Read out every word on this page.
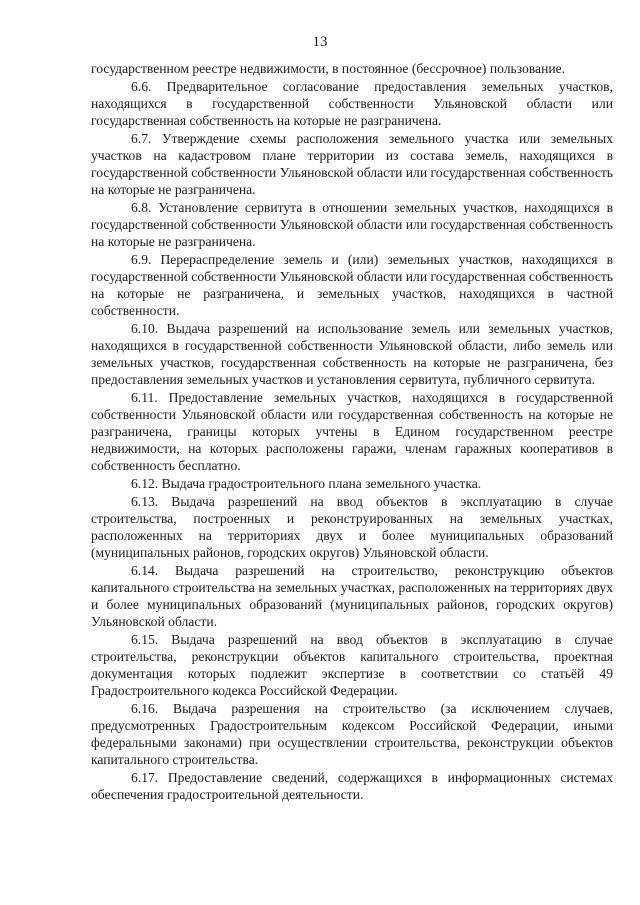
13

государственном реестре недвижимости, в постоянное (бессрочное) пользование.

6.6. Предварительное согласование предоставления земельных участков, находящихся в государственной собственности Ульяновской области или государственная собственность на которые не разграничена.

6.7. Утверждение схемы расположения земельного участка или земельных участков на кадастровом плане территории из состава земель, находящихся в государственной собственности Ульяновской области или государственная собственность на которые не разграничена.

6.8. Установление сервитута в отношении земельных участков, находящихся в государственной собственности Ульяновской области или государственная собственность на которые не разграничена.

6.9. Перераспределение земель и (или) земельных участков, находящихся в государственной собственности Ульяновской области или государственная собственность на которые не разграничена, и земельных участков, находящихся в частной собственности.

6.10. Выдача разрешений на использование земель или земельных участков, находящихся в государственной собственности Ульяновской области, либо земель или земельных участков, государственная собственность на которые не разграничена, без предоставления земельных участков и установления сервитута, публичного сервитута.

6.11. Предоставление земельных участков, находящихся в государственной собственности Ульяновской области или государственная собственность на которые не разграничена, границы которых учтены в Едином государственном реестре недвижимости, на которых расположены гаражи, членам гаражных кооперативов в собственность бесплатно.

6.12. Выдача градостроительного плана земельного участка.

6.13. Выдача разрешений на ввод объектов в эксплуатацию в случае строительства, построенных и реконструированных на земельных участках, расположенных на территориях двух и более муниципальных образований (муниципальных районов, городских округов) Ульяновской области.

6.14. Выдача разрешений на строительство, реконструкцию объектов капитального строительства на земельных участках, расположенных на территориях двух и более муниципальных образований (муниципальных районов, городских округов) Ульяновской области.

6.15. Выдача разрешений на ввод объектов в эксплуатацию в случае строительства, реконструкции объектов капитального строительства, проектная документация которых подлежит экспертизе в соответствии со статьёй 49 Градостроительного кодекса Российской Федерации.

6.16. Выдача разрешения на строительство (за исключением случаев, предусмотренных Градостроительным кодексом Российской Федерации, иными федеральными законами) при осуществлении строительства, реконструкции объектов капитального строительства.

6.17. Предоставление сведений, содержащихся в информационных системах обеспечения градостроительной деятельности.
